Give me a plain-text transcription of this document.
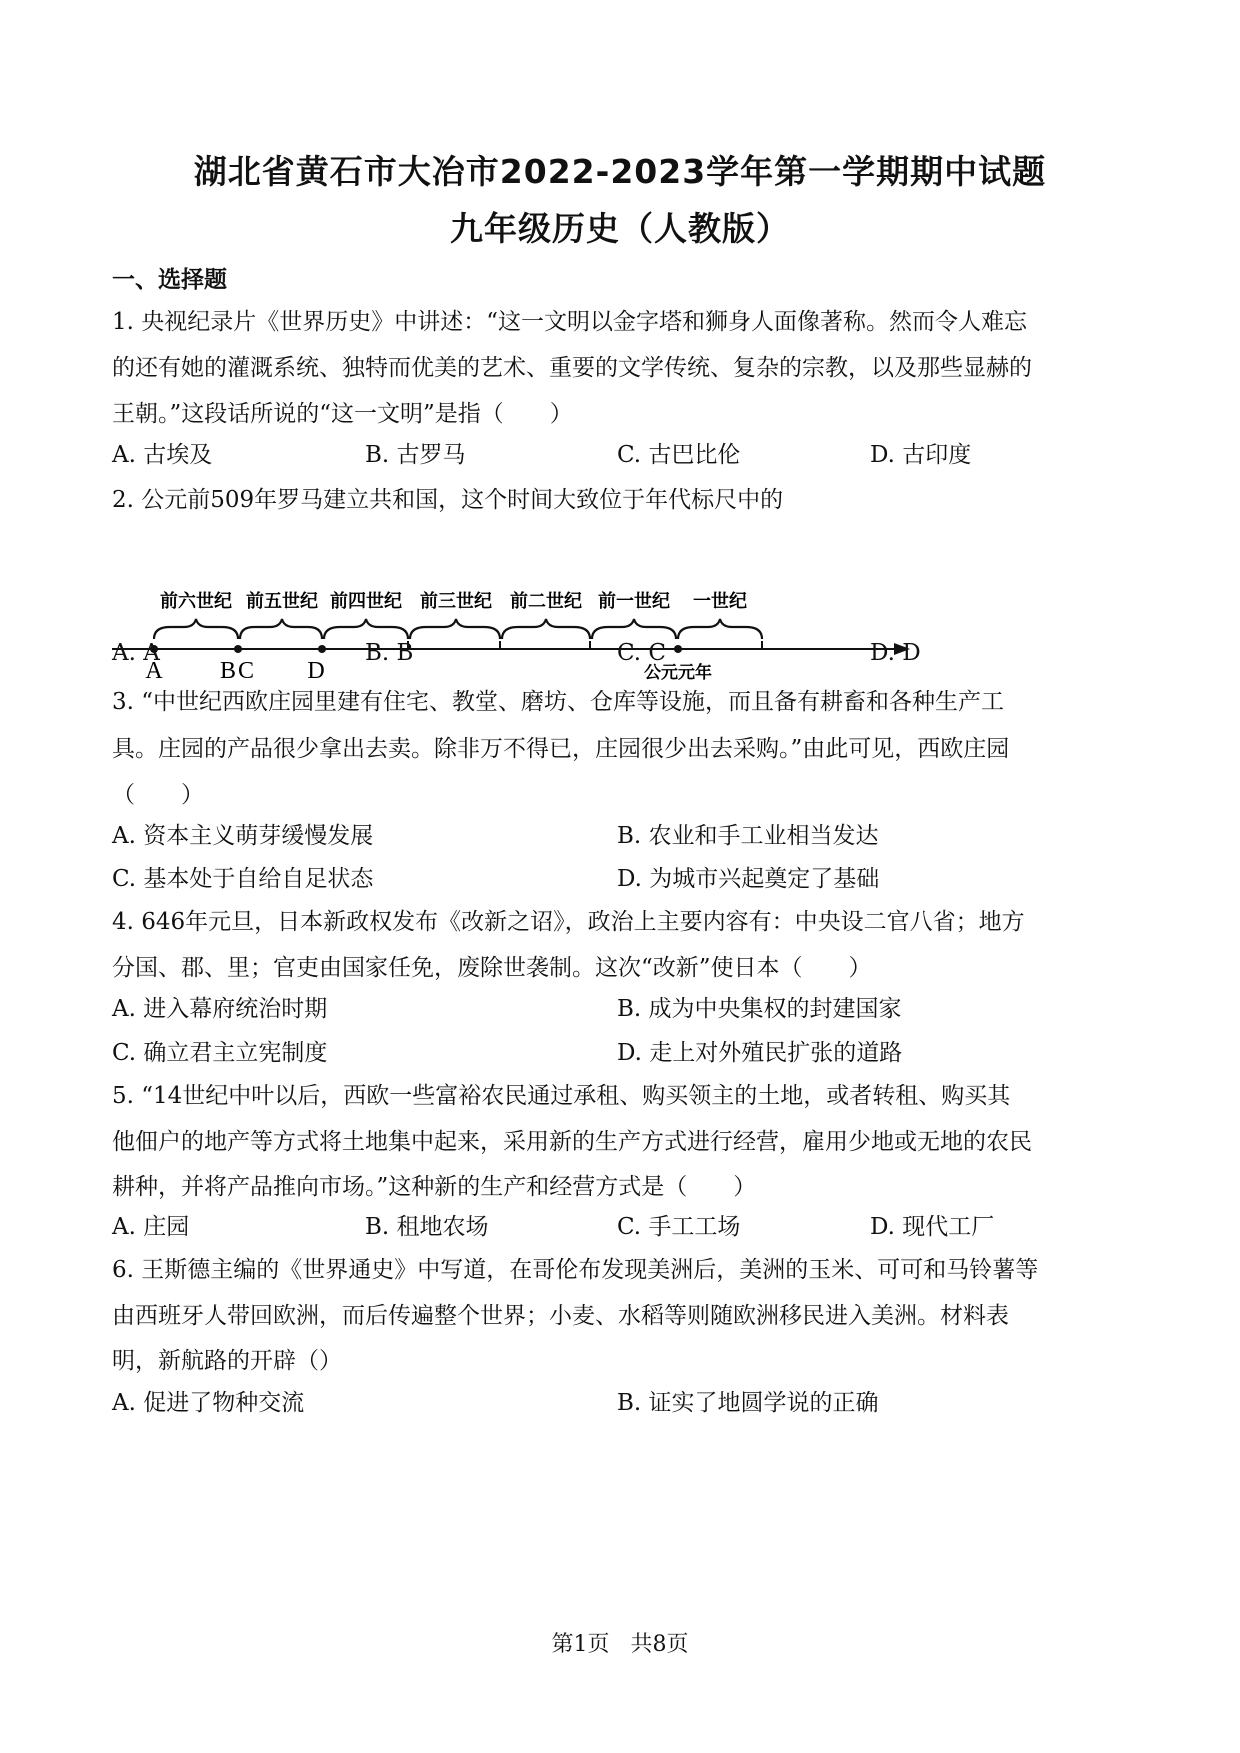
湖北省黄石市大冶市2022-2023学年第一学期期中试题
九年级历史（人教版）
一、选择题
1. 央视纪录片《世界历史》中讲述：“这一文明以金字塔和狮身人面像著称。然而令人难忘
的还有她的灌溉系统、独特而优美的艺术、重要的文学传统、复杂的宗教，以及那些显赫的
王朝。”这段话所说的“这一文明”是指（　　）
A. 古埃及	B. 古罗马	C. 古巴比伦	D. 古印度
2. 公元前509年罗马建立共和国，这个时间大致位于年代标尺中的
前六世纪 前五世纪 前四世纪 前三世纪 前二世纪 前一世纪 一世纪
A B C D	公元元年
A. A	B. B	C. C	D. D
3. “中世纪西欧庄园里建有住宅、教堂、磨坊、仓库等设施，而且备有耕畜和各种生产工
具。庄园的产品很少拿出去卖。除非万不得已，庄园很少出去采购。”由此可见，西欧庄园
（　　）
A. 资本主义萌芽缓慢发展	B. 农业和手工业相当发达
C. 基本处于自给自足状态	D. 为城市兴起奠定了基础
4. 646年元旦，日本新政权发布《改新之诏》，政治上主要内容有：中央设二官八省；地方
分国、郡、里；官吏由国家任免，废除世袭制。这次“改新”使日本（　　）
A. 进入幕府统治时期	B. 成为中央集权的封建国家
C. 确立君主立宪制度	D. 走上对外殖民扩张的道路
5. “14世纪中叶以后，西欧一些富裕农民通过承租、购买领主的土地，或者转租、购买其
他佃户的地产等方式将土地集中起来，采用新的生产方式进行经营，雇用少地或无地的农民
耕种，并将产品推向市场。”这种新的生产和经营方式是（　　）
A. 庄园	B. 租地农场	C. 手工工场	D. 现代工厂
6. 王斯德主编的《世界通史》中写道，在哥伦布发现美洲后，美洲的玉米、可可和马铃薯等
由西班牙人带回欧洲，而后传遍整个世界；小麦、水稻等则随欧洲移民进入美洲。材料表
明，新航路的开辟（）
A. 促进了物种交流	B. 证实了地圆学说的正确
第1页 共8页
